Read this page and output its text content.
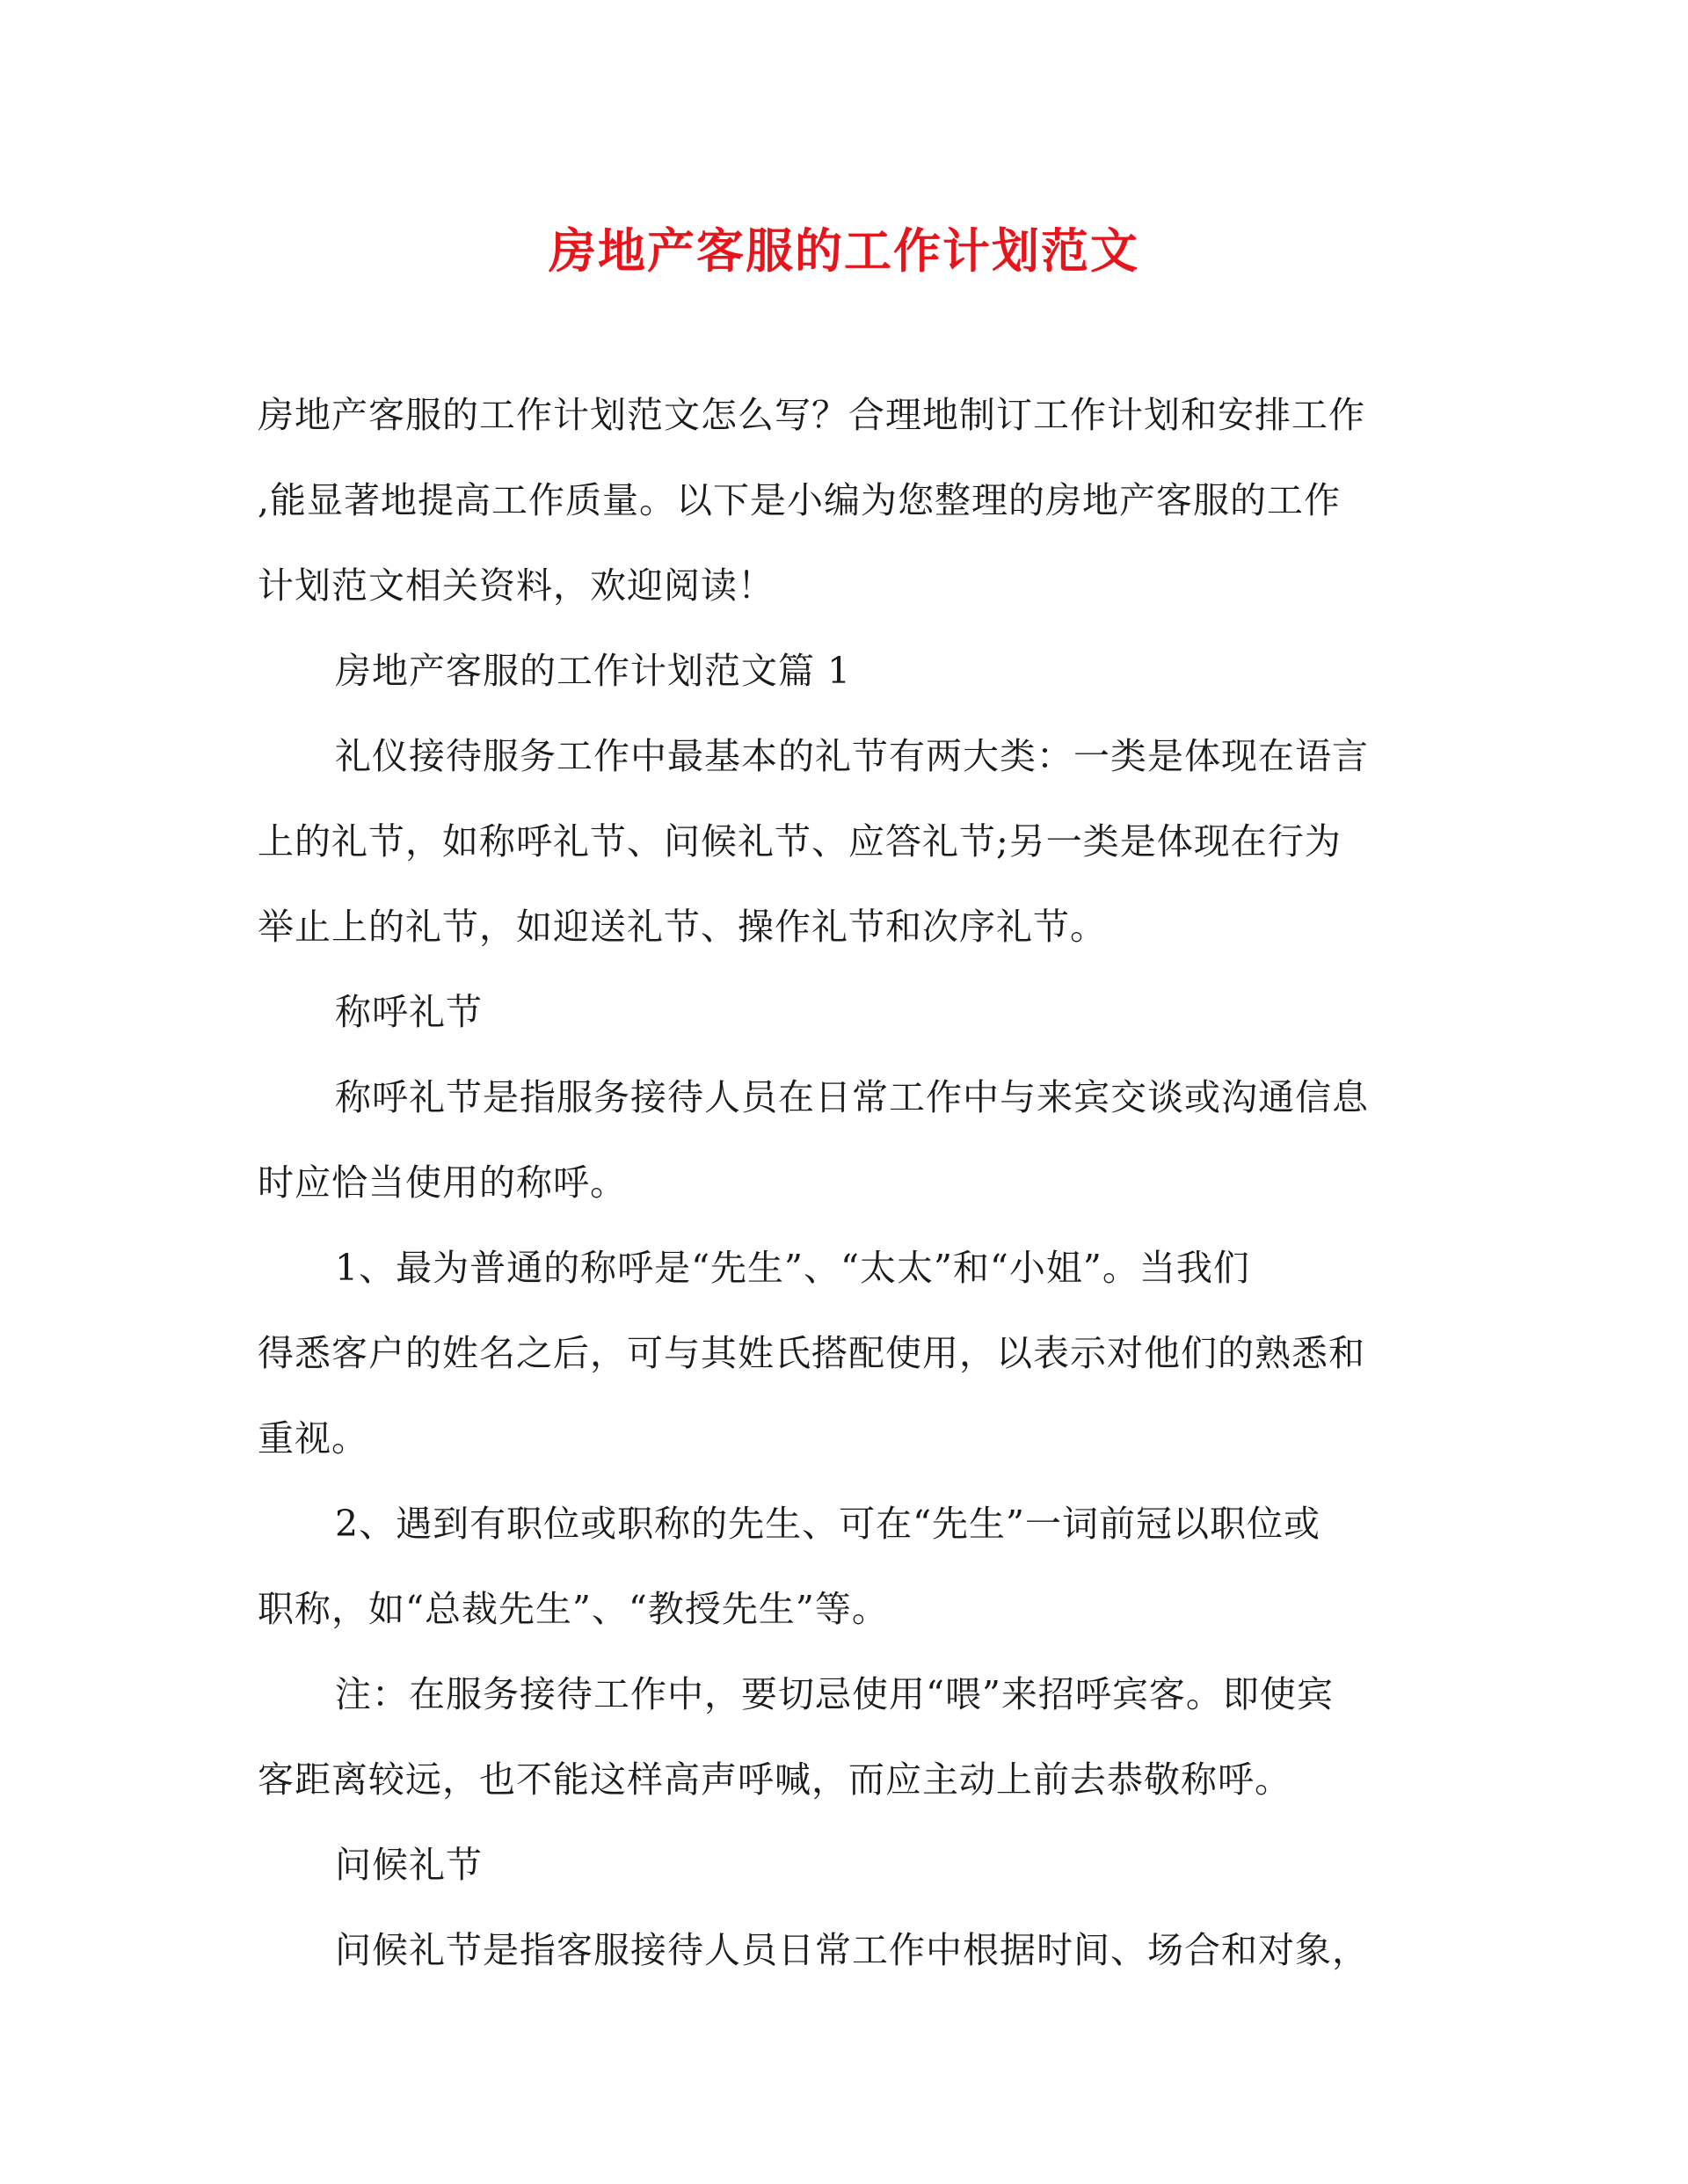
房地产客服的工作计划范文

房地产客服的工作计划范文怎么写？合理地制订工作计划和安排工作

,能显著地提高工作质量。以下是小编为您整理的房地产客服的工作

计划范文相关资料，欢迎阅读！

房地产客服的工作计划范文篇 1

礼仪接待服务工作中最基本的礼节有两大类：一类是体现在语言

上的礼节，如称呼礼节、问候礼节、应答礼节;另一类是体现在行为

举止上的礼节，如迎送礼节、操作礼节和次序礼节。

称呼礼节

称呼礼节是指服务接待人员在日常工作中与来宾交谈或沟通信息

时应恰当使用的称呼。

1、最为普通的称呼是“先生”、“太太”和“小姐”。当我们

得悉客户的姓名之后，可与其姓氏搭配使用，以表示对他们的熟悉和

重视。

2、遇到有职位或职称的先生、可在“先生”一词前冠以职位或

职称，如“总裁先生”、“教授先生”等。

注：在服务接待工作中，要切忌使用“喂”来招呼宾客。即使宾

客距离较远，也不能这样高声呼喊，而应主动上前去恭敬称呼。

问候礼节

问候礼节是指客服接待人员日常工作中根据时间、场合和对象，
